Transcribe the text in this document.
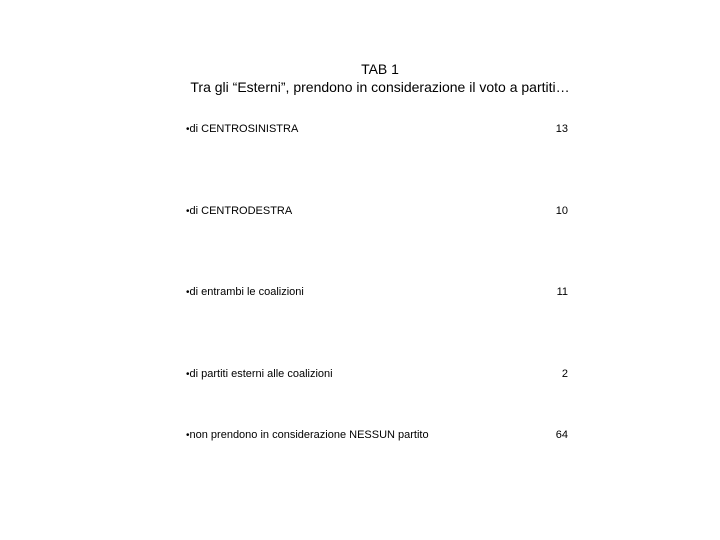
TAB 1
Tra gli “Esterni”, prendono in considerazione il voto a partiti…
•di CENTROSINISTRA	13
•di CENTRODESTRA	10
•di entrambi le coalizioni	11
•di partiti esterni alle coalizioni	2
•non prendono in considerazione NESSUN partito	64
